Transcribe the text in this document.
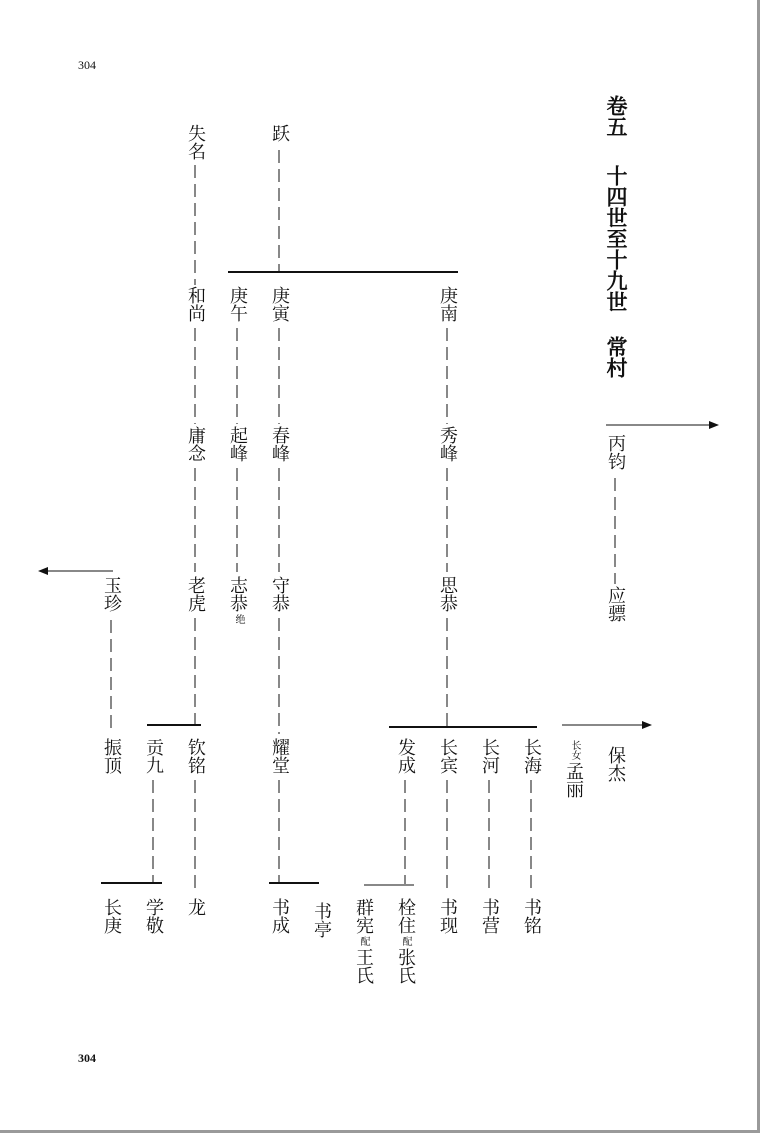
304
304
卷五
十四世至十九世
常村
失名	跃
和尚 庚午 庚寅	庚南
庸念 起峰 春峰	秀峰	丙钧
老虎 志恭
绝
守恭	思恭	应骠
玉珍
振顶 贡九 钦铭	耀堂	发成 长宾 长河 长海	长女
孟丽 保杰
长庚 学敬 龙	书成 书亭 群宪
配
王氏
栓住
配
张氏
书现 书营 书铭
